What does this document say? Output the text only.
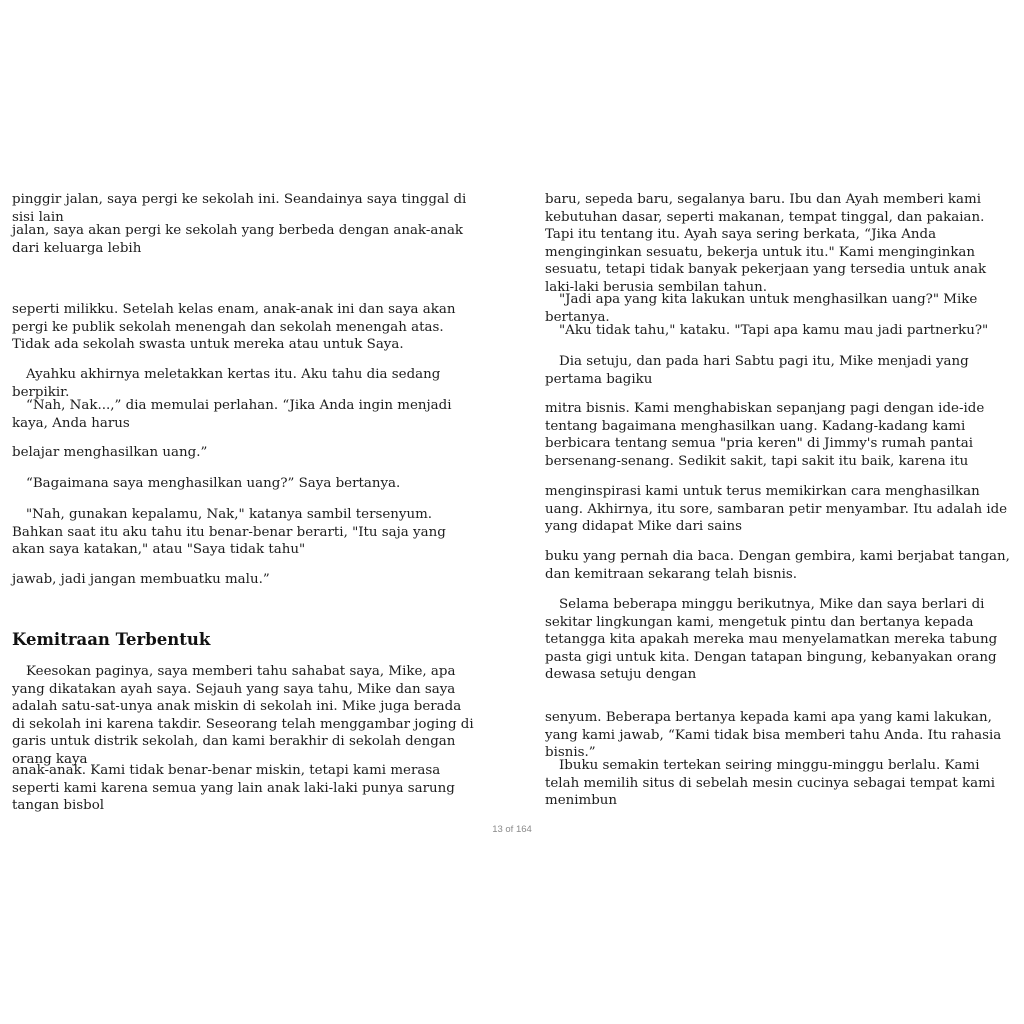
pinggir jalan, saya pergi ke sekolah ini. Seandainya saya tinggal di sisi lain

jalan, saya akan pergi ke sekolah yang berbeda dengan anak-anak dari keluarga lebih

seperti milikku. Setelah kelas enam, anak-anak ini dan saya akan pergi ke publik sekolah menengah dan sekolah menengah atas. Tidak ada sekolah swasta untuk mereka atau untuk Saya.

Ayahku akhirnya meletakkan kertas itu. Aku tahu dia sedang berpikir.

“Nah, Nak...,” dia memulai perlahan. “Jika Anda ingin menjadi kaya, Anda harus

belajar menghasilkan uang.”

“Bagaimana saya menghasilkan uang?” Saya bertanya.

"Nah, gunakan kepalamu, Nak," katanya sambil tersenyum. Bahkan saat itu aku tahu itu benar-benar berarti, "Itu saja yang akan saya katakan," atau "Saya tidak tahu"

jawab, jadi jangan membuatku malu.”

Kemitraan Terbentuk

Keesokan paginya, saya memberi tahu sahabat saya, Mike, apa yang dikatakan ayah saya. Sejauh yang saya tahu, Mike dan saya adalah satu-sat-unya anak miskin di sekolah ini. Mike juga berada di sekolah ini karena takdir. Seseorang telah menggambar joging di garis untuk distrik sekolah, dan kami berakhir di sekolah dengan orang kaya

anak-anak. Kami tidak benar-benar miskin, tetapi kami merasa seperti kami karena semua yang lain anak laki-laki punya sarung tangan bisbol

baru, sepeda baru, segalanya baru. Ibu dan Ayah memberi kami kebutuhan dasar, seperti makanan, tempat tinggal, dan pakaian. Tapi itu tentang itu. Ayah saya sering berkata, “Jika Anda menginginkan sesuatu, bekerja untuk itu." Kami menginginkan sesuatu, tetapi tidak banyak pekerjaan yang tersedia untuk anak laki-laki berusia sembilan tahun.

"Jadi apa yang kita lakukan untuk menghasilkan uang?" Mike bertanya.

"Aku tidak tahu," kataku. "Tapi apa kamu mau jadi partnerku?"

Dia setuju, dan pada hari Sabtu pagi itu, Mike menjadi yang pertama bagiku

mitra bisnis. Kami menghabiskan sepanjang pagi dengan ide-ide tentang bagaimana menghasilkan uang. Kadang-kadang kami berbicara tentang semua "pria keren" di Jimmy's rumah pantai bersenang-senang. Sedikit sakit, tapi sakit itu baik, karena itu

menginspirasi kami untuk terus memikirkan cara menghasilkan uang. Akhirnya, itu sore, sambaran petir menyambar. Itu adalah ide yang didapat Mike dari sains

buku yang pernah dia baca. Dengan gembira, kami berjabat tangan, dan kemitraan sekarang telah bisnis.

Selama beberapa minggu berikutnya, Mike dan saya berlari di sekitar lingkungan kami, mengetuk pintu dan bertanya kepada tetangga kita apakah mereka mau menyelamatkan mereka tabung pasta gigi untuk kita. Dengan tatapan bingung, kebanyakan orang dewasa setuju dengan

senyum. Beberapa bertanya kepada kami apa yang kami lakukan, yang kami jawab, “Kami tidak bisa memberi tahu Anda. Itu rahasia bisnis.”

Ibuku semakin tertekan seiring minggu-minggu berlalu. Kami telah memilih situs di sebelah mesin cucinya sebagai tempat kami menimbun

13 of 164
